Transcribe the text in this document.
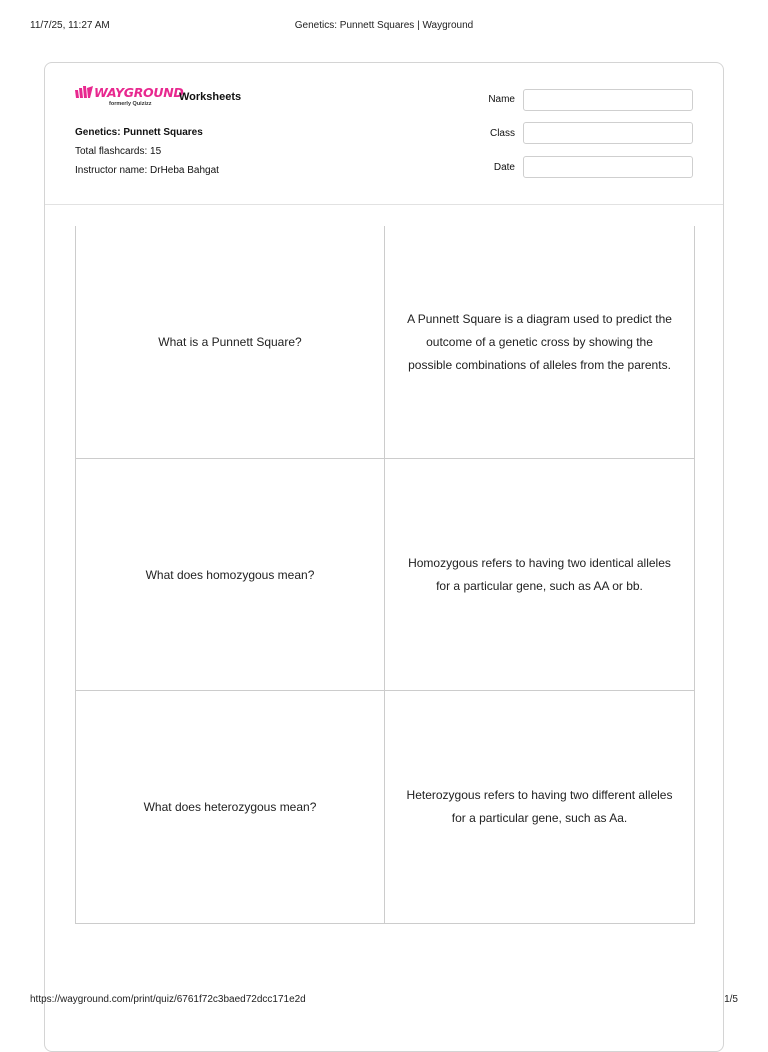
11/7/25, 11:27 AM	Genetics: Punnett Squares | Wayground
WAYGROUND
formerly Quizizz
Worksheets
Genetics: Punnett Squares
Total flashcards: 15
Instructor name: DrHeba Bahgat
Name
Class
Date
What is a Punnett Square?
A Punnett Square is a diagram used to predict the outcome of a genetic cross by showing the possible combinations of alleles from the parents.
What does homozygous mean?
Homozygous refers to having two identical alleles for a particular gene, such as AA or bb.
What does heterozygous mean?
Heterozygous refers to having two different alleles for a particular gene, such as Aa.
https://wayground.com/print/quiz/6761f72c3baed72dcc171e2d	1/5
